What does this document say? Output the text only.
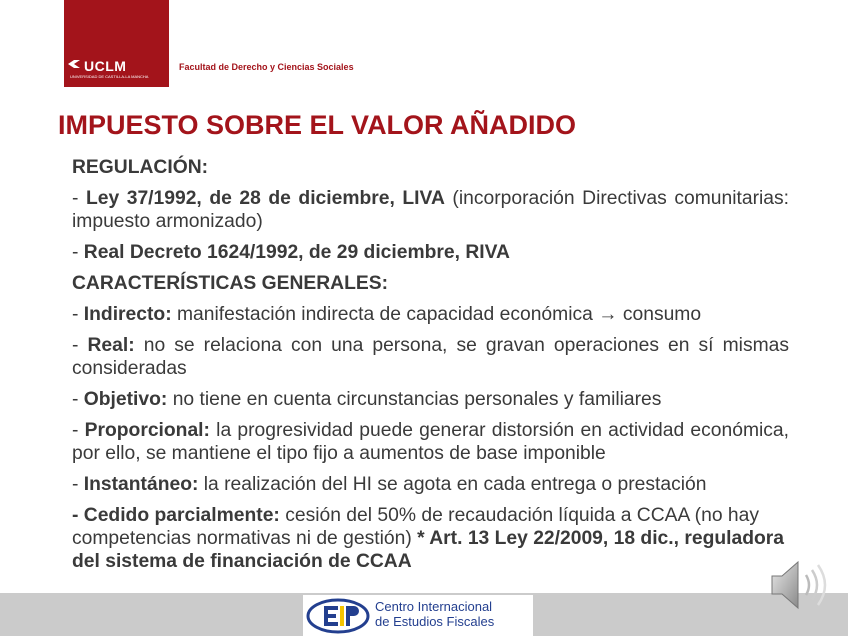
UCLM
UNIVERSIDAD DE CASTILLA-LA MANCHA
Facultad de Derecho y Ciencias Sociales
IMPUESTO SOBRE EL VALOR AÑADIDO

REGULACIÓN:

- Ley 37/1992, de 28 de diciembre, LIVA (incorporación Directivas comunitarias: impuesto armonizado)

- Real Decreto 1624/1992, de 29 diciembre, RIVA

CARACTERÍSTICAS GENERALES:

- Indirecto: manifestación indirecta de capacidad económica → consumo

- Real: no se relaciona con una persona, se gravan operaciones en sí mismas consideradas

- Objetivo: no tiene en cuenta circunstancias personales y familiares

- Proporcional: la progresividad puede generar distorsión en actividad económica, por ello, se mantiene el tipo fijo a aumentos de base imponible

- Instantáneo: la realización del HI se agota en cada entrega o prestación

- Cedido parcialmente: cesión del 50% de recaudación líquida a CCAA (no hay competencias normativas ni de gestión) * Art. 13 Ley 22/2009, 18 dic., reguladora del sistema de financiación de CCAA

Centro Internacional
de Estudios Fiscales
